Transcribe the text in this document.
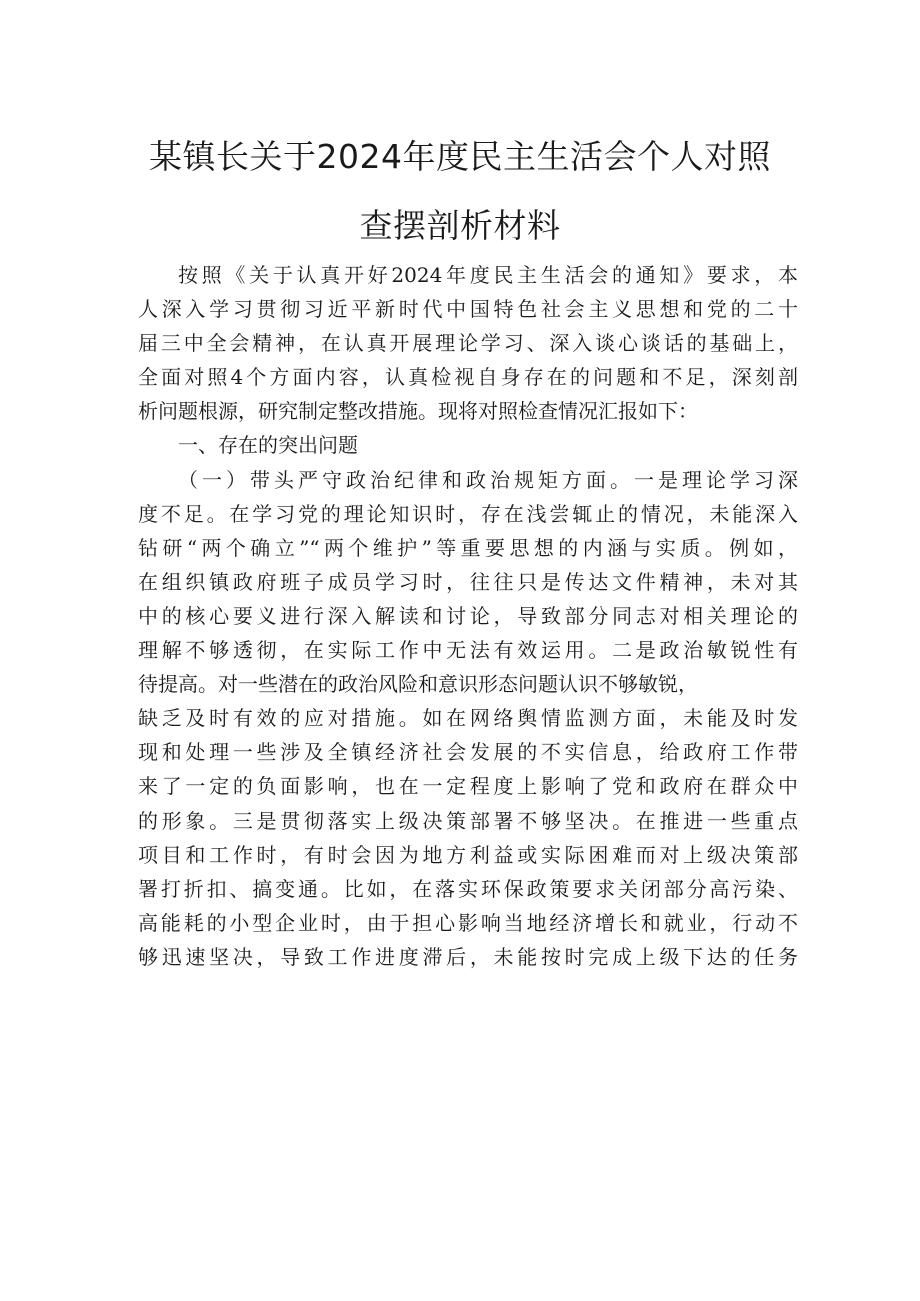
某镇长关于2024年度民主生活会个人对照
查摆剖析材料
按照《关于认真开好2024年度民主生活会的通知》要求，本
人深入学习贯彻习近平新时代中国特色社会主义思想和党的二十
届三中全会精神，在认真开展理论学习、深入谈心谈话的基础上，
全面对照4个方面内容，认真检视自身存在的问题和不足，深刻剖
析问题根源，研究制定整改措施。现将对照检查情况汇报如下：
一、存在的突出问题
（一）带头严守政治纪律和政治规矩方面。一是理论学习深
度不足。在学习党的理论知识时，存在浅尝辄止的情况，未能深入
钻研“两个确立”“两个维护”等重要思想的内涵与实质。例如，
在组织镇政府班子成员学习时，往往只是传达文件精神，未对其
中的核心要义进行深入解读和讨论，导致部分同志对相关理论的
理解不够透彻，在实际工作中无法有效运用。二是政治敏锐性有
待提高。对一些潜在的政治风险和意识形态问题认识不够敏锐，
缺乏及时有效的应对措施。如在网络舆情监测方面，未能及时发
现和处理一些涉及全镇经济社会发展的不实信息，给政府工作带
来了一定的负面影响，也在一定程度上影响了党和政府在群众中
的形象。三是贯彻落实上级决策部署不够坚决。在推进一些重点
项目和工作时，有时会因为地方利益或实际困难而对上级决策部
署打折扣、搞变通。比如，在落实环保政策要求关闭部分高污染、
高能耗的小型企业时，由于担心影响当地经济增长和就业，行动不
够迅速坚决，导致工作进度滞后，未能按时完成上级下达的任务
